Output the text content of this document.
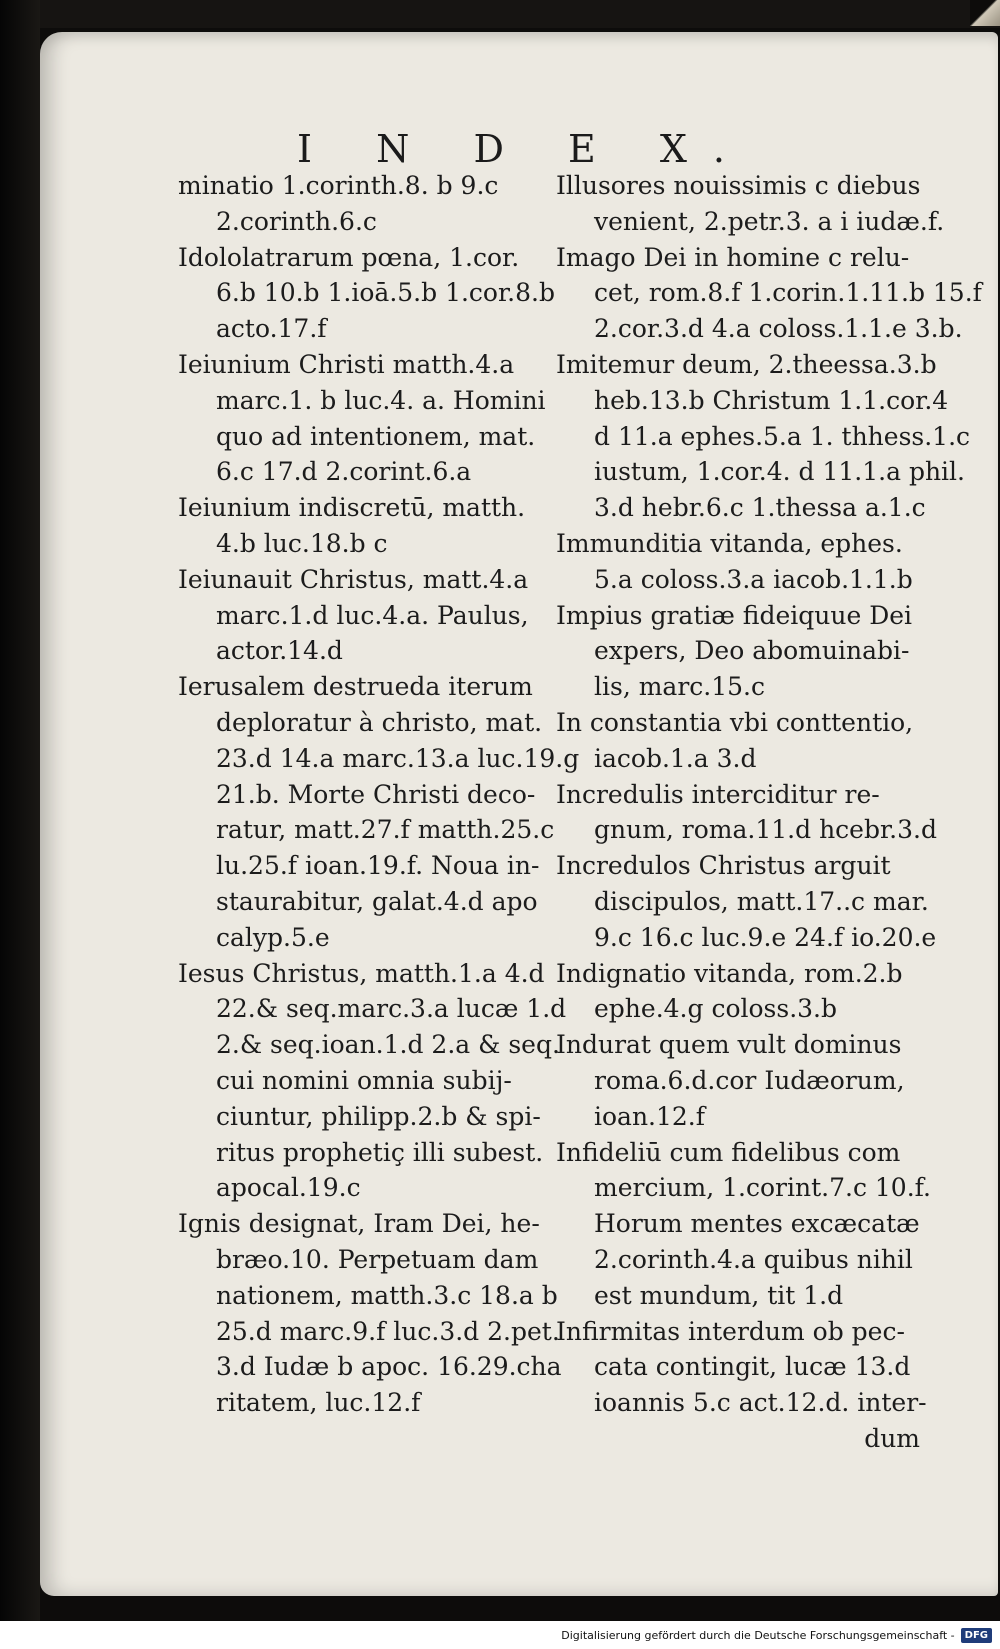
I N D E X.
minatio 1.corinth.8. b 9.c
2.corinth.6.c
Idololatrarum pœna, 1.cor.
6.b 10.b 1.ioā.5.b 1.cor.8.b
acto.17.f
Ieiunium Christi matth.4.a
marc.1. b luc.4. a. Homini
quo ad intentionem, mat.
6.c 17.d 2.corint.6.a
Ieiunium indiscretū, matth.
4.b luc.18.b c
Ieiunauit Christus, matt.4.a
marc.1.d luc.4.a. Paulus,
actor.14.d
Ierusalem destrueda iterum
deploratur à christo, mat.
23.d 14.a marc.13.a luc.19.g
21.b. Morte Christi deco-
ratur, matt.27.f matth.25.c
lu.25.f ioan.19.f. Noua in-
staurabitur, galat.4.d apo
calyp.5.e
Iesus Christus, matth.1.a 4.d
22.& seq.marc.3.a lucæ 1.d
2.& seq.ioan.1.d 2.a & seq.
cui nomini omnia subij-
ciuntur, philipp.2.b & spi-
ritus prophetiç illi subest.
apocal.19.c
Ignis designat, Iram Dei, he-
bræo.10. Perpetuam dam
nationem, matth.3.c 18.a b
25.d marc.9.f luc.3.d 2.pet.
3.d Iudæ b apoc. 16.29.cha
ritatem, luc.12.f
Illusores nouissimis c diebus
venient, 2.petr.3. a i iudæ.f.
Imago Dei in homine c relu-
cet, rom.8.f 1.corin.1.11.b 15.f
2.cor.3.d 4.a coloss.1.1.e 3.b.
Imitemur deum, 2.theessa.3.b
heb.13.b Christum 1.1.cor.4
d 11.a ephes.5.a 1. thhess.1.c
iustum, 1.cor.4. d 11.1.a phil.
3.d hebr.6.c 1.thessa a.1.c
Immunditia vitanda, ephes.
5.a coloss.3.a iacob.1.1.b
Impius gratiæ fideiquue Dei
expers, Deo abomuinabi-
lis, marc.15.c
In constantia vbi conttentio,
iacob.1.a 3.d
Incredulis interciditur re-
gnum, roma.11.d hcebr.3.d
Incredulos Christus arguit
discipulos, matt.17..c mar.
9.c 16.c luc.9.e 24.f io.20.e
Indignatio vitanda, rom.2.b
ephe.4.g coloss.3.b
Indurat quem vult dominus
roma.6.d.cor Iudæorum,
ioan.12.f
Infideliū cum fidelibus com
mercium, 1.corint.7.c 10.f.
Horum mentes excæcatæ
2.corinth.4.a quibus nihil
est mundum, tit 1.d
Infirmitas interdum ob pec-
cata contingit, lucæ 13.d
ioannis 5.c act.12.d. inter-
dum
Digitalisierung gefördert durch die Deutsche Forschungsgemeinschaft -	DFG
